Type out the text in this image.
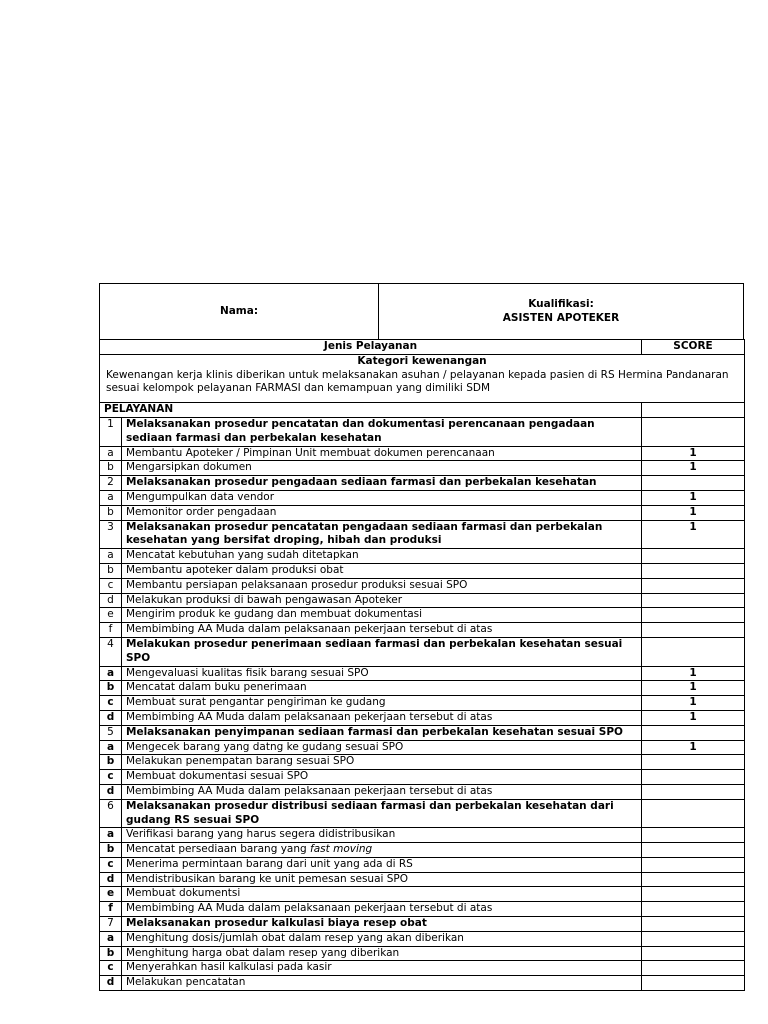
Nama:	
Kualifikasi:
ASISTEN APOTEKER
Jenis Pelayanan		SCORE

Kategori kewenangan
Kewenangan kerja klinis diberikan untuk melaksanakan asuhan / pelayanan kepada pasien di RS Hermina Pandanaran
sesuai kelompok pelayanan FARMASI dan kemampuan yang dimiliki SDM		

PELAYANAN		
1	Melaksanakan prosedur pencatatan dan dokumentasi perencanaan pengadaan sediaan farmasi dan perbekalan kesehatan	
a	Membantu Apoteker / Pimpinan Unit membuat dokumen perencanaan	1
b	Mengarsipkan dokumen	1
2	Melaksanakan prosedur pengadaan sediaan farmasi dan perbekalan kesehatan	
a	Mengumpulkan data vendor	1
b	Memonitor order pengadaan	1
3	Melaksanakan prosedur pencatatan pengadaan sediaan farmasi dan perbekalan kesehatan yang bersifat droping, hibah dan produksi	1
a	Mencatat kebutuhan yang sudah ditetapkan	
b	Membantu apoteker dalam produksi obat	
c	Membantu persiapan pelaksanaan prosedur produksi sesuai SPO	
d	Melakukan produksi di bawah pengawasan Apoteker	
e	Mengirim produk ke gudang dan membuat dokumentasi	
f	Membimbing AA Muda dalam pelaksanaan pekerjaan tersebut di atas	
4	Melakukan prosedur penerimaan sediaan farmasi dan perbekalan kesehatan sesuai SPO	
a	Mengevaluasi kualitas fisik barang sesuai SPO	1
b	Mencatat dalam buku penerimaan	1
c	Membuat surat pengantar pengiriman ke gudang	1
d	Membimbing AA Muda dalam pelaksanaan pekerjaan tersebut di atas	1
5	Melaksanakan penyimpanan sediaan farmasi dan perbekalan kesehatan sesuai SPO	
a	Mengecek barang yang datng ke gudang sesuai SPO	1
b	Melakukan penempatan barang sesuai SPO	
c	Membuat dokumentasi sesuai SPO	
d	Membimbing AA Muda dalam pelaksanaan pekerjaan tersebut di atas	
6	Melaksanakan prosedur distribusi sediaan farmasi dan perbekalan kesehatan dari gudang RS sesuai SPO	
a	Verifikasi barang yang harus segera didistribusikan	
b	Mencatat persediaan barang yang fast moving	
c	Menerima permintaan barang dari unit yang ada di RS	
d	Mendistribusikan barang ke unit pemesan sesuai SPO	
e	Membuat dokumentsi	
f	Membimbing AA Muda dalam pelaksanaan pekerjaan tersebut di atas	
7	Melaksanakan prosedur kalkulasi biaya resep obat	
a	Menghitung dosis/jumlah obat dalam resep yang akan diberikan	
b	Menghitung harga obat dalam resep yang diberikan	
c	Menyerahkan hasil kalkulasi pada kasir	
d	Melakukan pencatatan	
